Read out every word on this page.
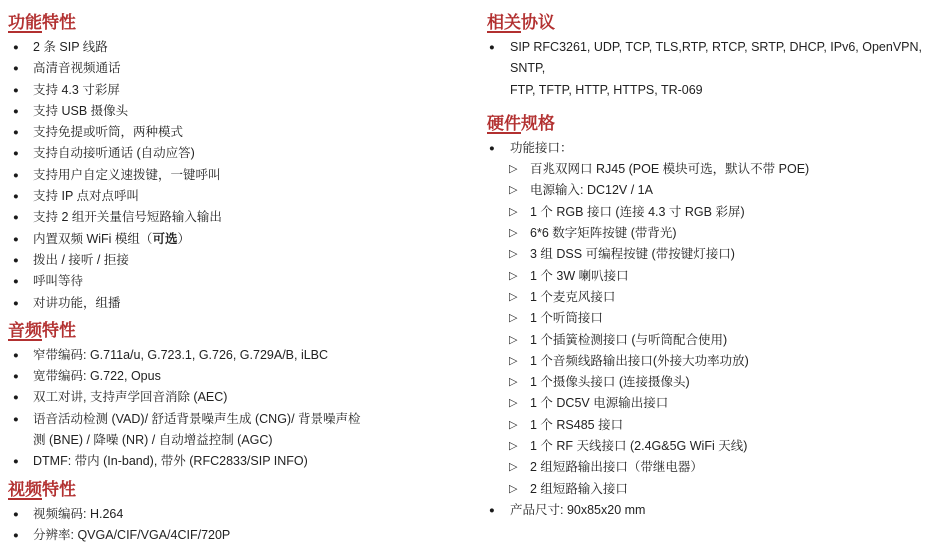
功能特性
●	2 条 SIP 线路
●	高清音视频通话
●	支持 4.3 寸彩屏
●	支持 USB 摄像头
●	支持免提或听筒，两种模式
●	支持自动接听通话 (自动应答)
●	支持用户自定义速拨键，一键呼叫
●	支持 IP 点对点呼叫
●	支持 2 组开关量信号短路输入输出
●	内置双频 WiFi 模组（可选）
●	拨出 / 接听 / 拒接
●	呼叫等待
●	对讲功能，组播
音频特性
●	窄带编码: G.711a/u, G.723.1, G.726, G.729A/B, iLBC
●	宽带编码: G.722, Opus
●	双工对讲, 支持声学回音消除 (AEC)
●	语音活动检测 (VAD)/ 舒适背景噪声生成 (CNG)/ 背景噪声检
测 (BNE) / 降噪 (NR) / 自动增益控制 (AGC)
●	DTMF: 带内 (In-band), 带外 (RFC2833/SIP INFO)
视频特性
●	视频编码: H.264
●	分辨率: QVGA/CIF/VGA/4CIF/720P
相关协议
●	SIP RFC3261, UDP, TCP, TLS,RTP, RTCP, SRTP, DHCP, IPv6, OpenVPN, SNTP,
FTP, TFTP, HTTP, HTTPS, TR-069
硬件规格
●	功能接口：
▷	百兆双网口 RJ45 (POE 模块可选，默认不带 POE)
▷	电源输入: DC12V / 1A
▷	1 个 RGB 接口 (连接 4.3 寸 RGB 彩屏)
▷	6*6 数字矩阵按键 (带背光)
▷	3 组 DSS 可编程按键 (带按键灯接口)
▷	1 个 3W 喇叭接口
▷	1 个麦克风接口
▷	1 个听筒接口
▷	1 个插簧检测接口 (与听筒配合使用)
▷	1 个音频线路输出接口(外接大功率功放)
▷	1 个摄像头接口 (连接摄像头)
▷	1 个 DC5V 电源输出接口
▷	1 个 RS485 接口
▷	1 个 RF 天线接口 (2.4G&5G WiFi 天线)
▷	2 组短路输出接口（带继电器）
▷	2 组短路输入接口
●	产品尺寸: 90x85x20 mm
